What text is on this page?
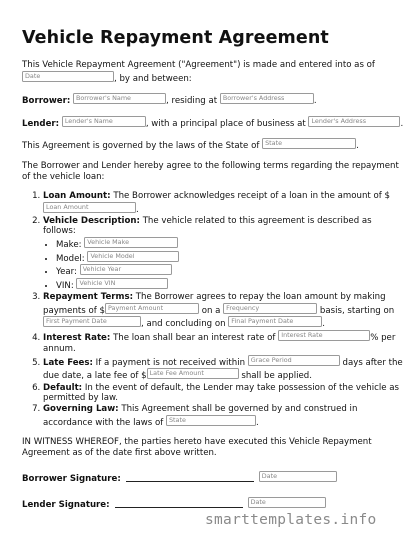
Vehicle Repayment Agreement

This Vehicle Repayment Agreement ("Agreement") is made and entered into as of Date	, by and between:

Borrower: Borrower's Name	, residing at Borrower's Address	.

Lender: Lender's Name	, with a principal place of business at Lender's Address	.

This Agreement is governed by the laws of the State of State	.

The Borrower and Lender hereby agree to the following terms regarding the repayment of the vehicle loan:

1. Loan Amount: The Borrower acknowledges receipt of a loan in the amount of $ Loan Amount	.
2. Vehicle Description: The vehicle related to this agreement is described as follows:
• Make: Vehicle Make
• Model: Vehicle Model
• Year: Vehicle Year
• VIN: Vehicle VIN
3. Repayment Terms: The Borrower agrees to repay the loan amount by making payments of $ Payment Amount	on a Frequency	basis, starting on First Payment Date	, and concluding on Final Payment Date	.
4. Interest Rate: The loan shall bear an interest rate of Interest Rate	% per annum.
5. Late Fees: If a payment is not received within Grace Period	days after the due date, a late fee of $ Late Fee Amount	shall be applied.
6. Default: In the event of default, the Lender may take possession of the vehicle as permitted by law.
7. Governing Law: This Agreement shall be governed by and construed in accordance with the laws of State	.

IN WITNESS WHEREOF, the parties hereto have executed this Vehicle Repayment Agreement as of the date first above written.

Borrower Signature:	Date
Lender Signature:	Date
smarttemplates.info
